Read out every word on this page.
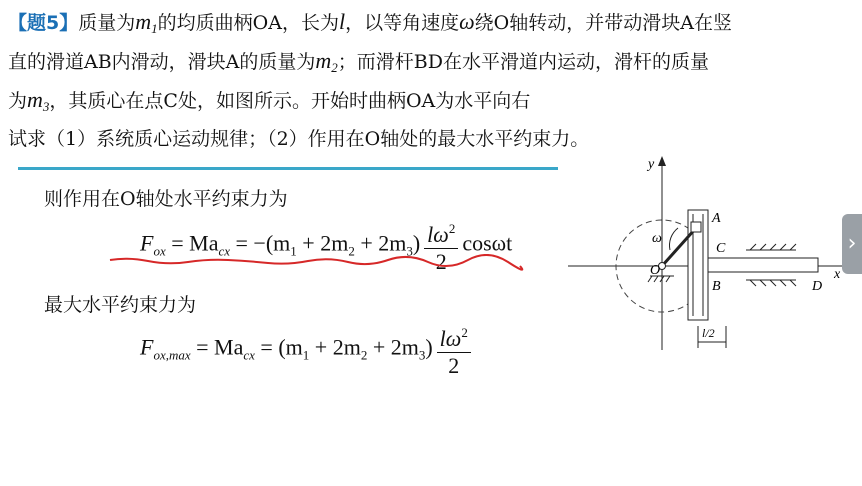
【题5】质量为$m_1$的均质曲柄OA，长为l，以等角速度ω绕O轴转动，并带动滑块A在竖
直的滑道AB内滑动，滑块A的质量为$m_2$；而滑杆BD在水平滑道内运动，滑杆的质量
为$m_3$，其质心在点C处，如图所示。开始时曲柄OA为水平向右
试求（1）系统质心运动规律；（2）作用在O轴处的最大水平约束力。
则作用在O轴处水平约束力为
$F_{ox} = Ma_{cx} = -(m_1 + 2m_2 + 2m_3) \frac{l\omega^2}{2}$ cosωt
最大水平约束力为
$F_{ox,max} = Ma_{cx} = (m_1 + 2m_2 + 2m_3) \frac{l\omega^2}{2}$
y
x
ω
O
A
B
C
D
l/2
›
